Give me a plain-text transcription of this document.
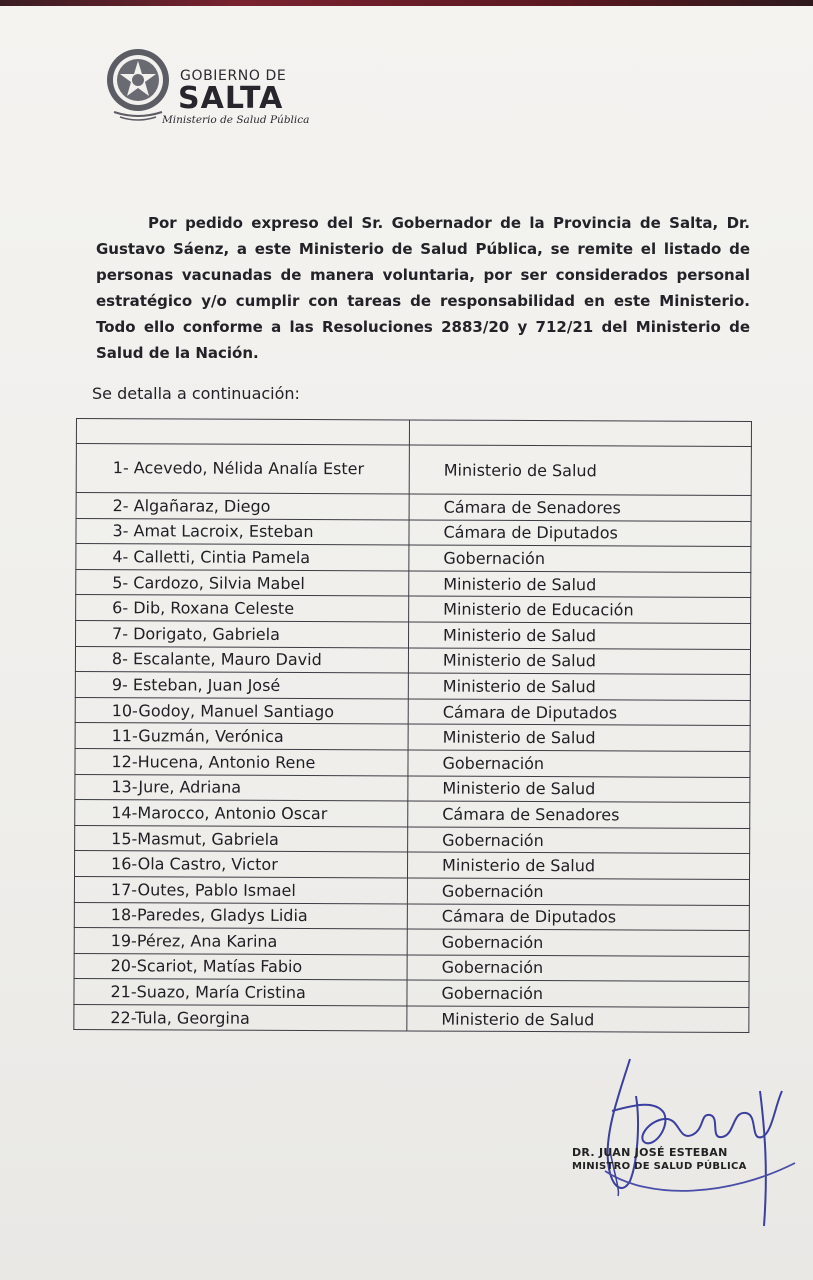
GOBIERNO DE
SALTA
Ministerio de Salud Pública
Por pedido expreso del Sr. Gobernador de la Provincia de Salta, Dr. Gustavo Sáenz, a este Ministerio de Salud Pública, se remite el listado de personas vacunadas de manera voluntaria, por ser considerados personal estratégico y/o cumplir con tareas de responsabilidad en este Ministerio. Todo ello conforme a las Resoluciones 2883/20 y 712/21 del Ministerio de Salud de la Nación.
Se detalla a continuación:

1- Acevedo, Nélida Analía Ester	Ministerio de Salud
2- Algañaraz, Diego	Cámara de Senadores
3- Amat Lacroix, Esteban	Cámara de Diputados
4- Calletti, Cintia Pamela	Gobernación
5- Cardozo, Silvia Mabel	Ministerio de Salud
6- Dib, Roxana Celeste	Ministerio de Educación
7- Dorigato, Gabriela	Ministerio de Salud
8- Escalante, Mauro David	Ministerio de Salud
9- Esteban, Juan José	Ministerio de Salud
10-Godoy, Manuel Santiago	Cámara de Diputados
11-Guzmán, Verónica	Ministerio de Salud
12-Hucena, Antonio Rene	Gobernación
13-Jure, Adriana	Ministerio de Salud
14-Marocco, Antonio Oscar	Cámara de Senadores
15-Masmut, Gabriela	Gobernación
16-Ola Castro, Victor	Ministerio de Salud
17-Outes, Pablo Ismael	Gobernación
18-Paredes, Gladys Lidia	Cámara de Diputados
19-Pérez, Ana Karina	Gobernación
20-Scariot, Matías Fabio	Gobernación
21-Suazo, María Cristina	Gobernación
22-Tula, Georgina	Ministerio de Salud
DR. JUAN JOSÉ ESTEBAN
MINISTRO DE SALUD PÚBLICA
